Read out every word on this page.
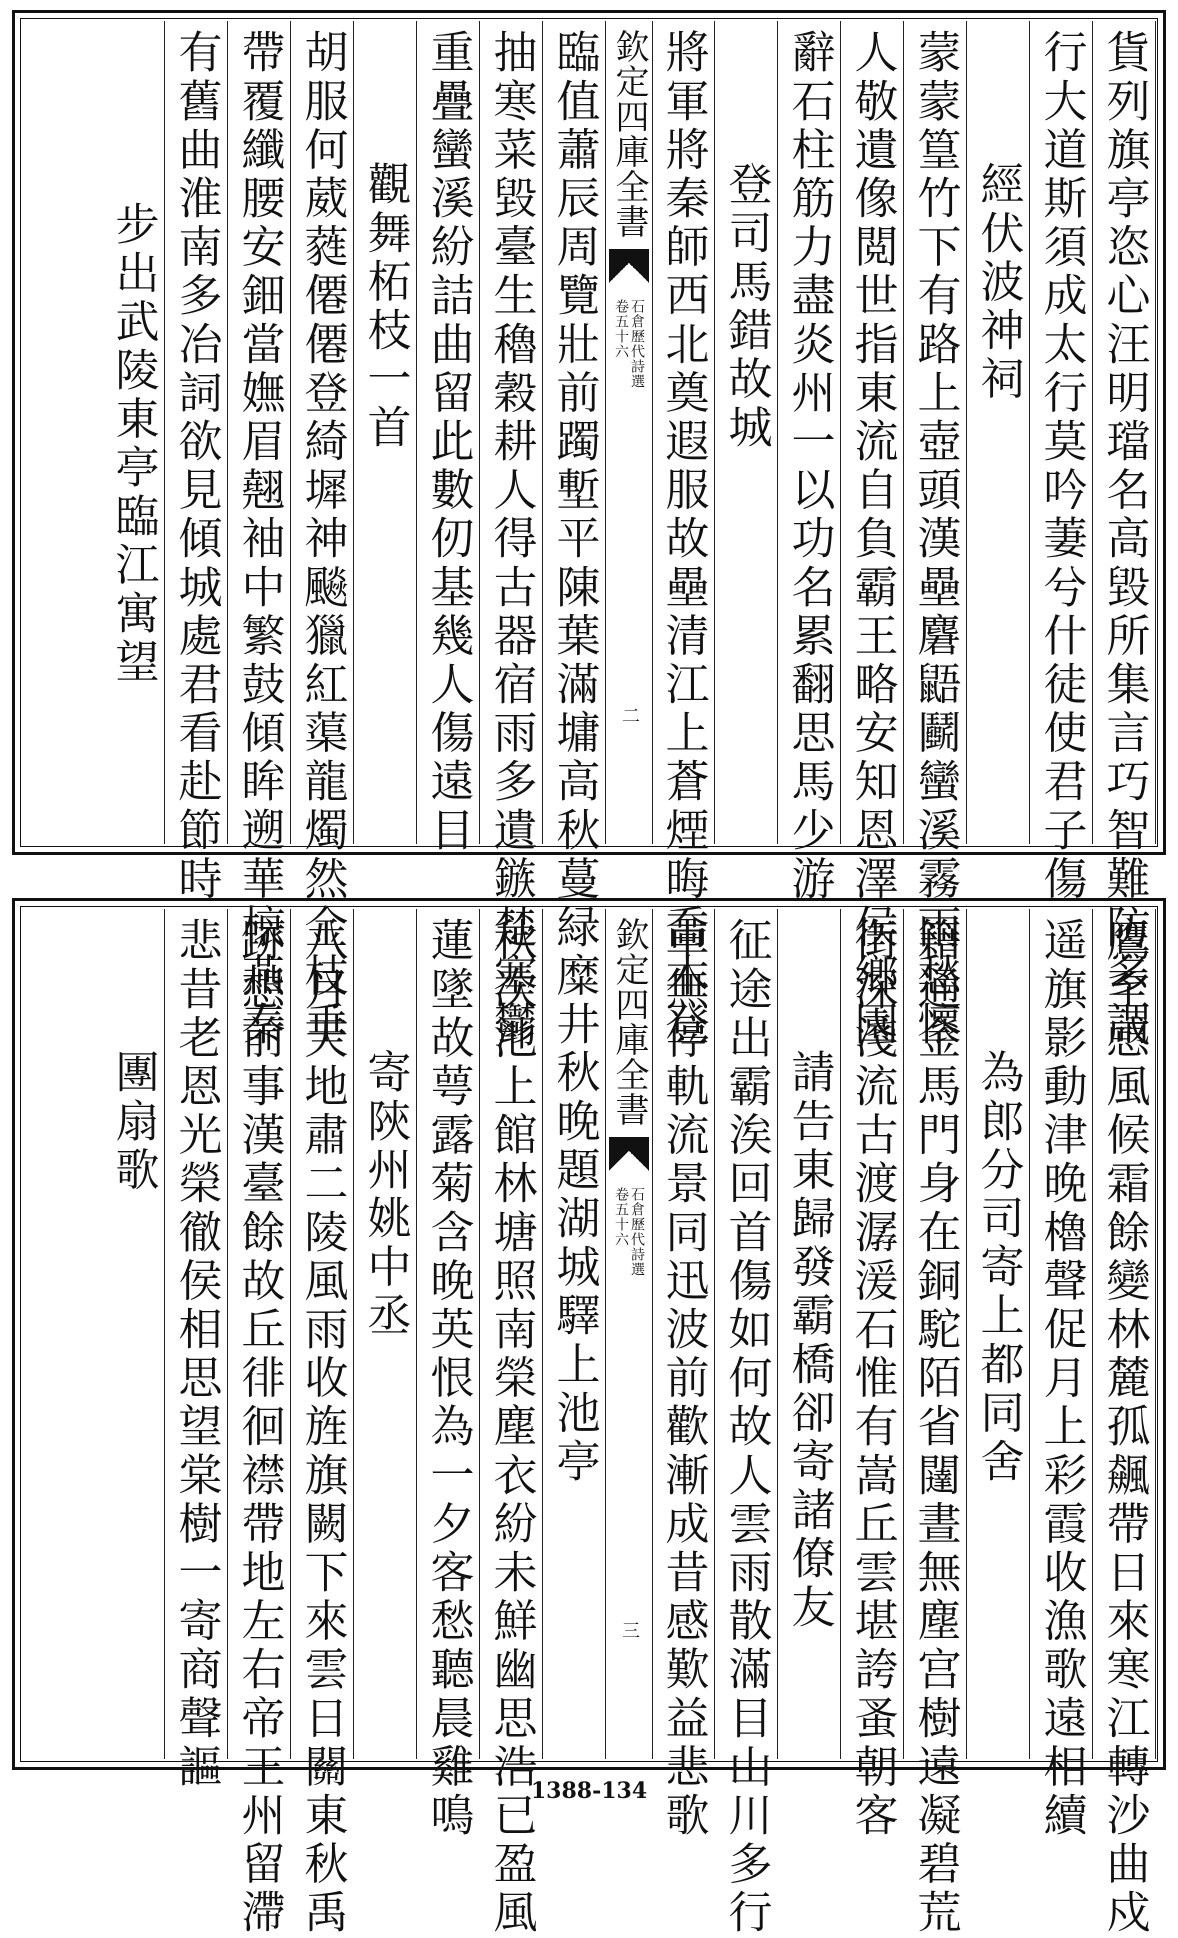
貨列旗亭恣心汪明璫名高毀所集言巧智難防多謂
行大道斯須成太行莫吟萋兮什徒使君子傷
經伏波神祠
蒙蒙篁竹下有路上壺頭漢壘麏鼯鬬蠻溪霧雨愁懷
人敬遺像閲世指東流自負霸王略安知恩澤侯鄉園
辭石柱筋力盡炎州一以功名累翻思馬少游
登司馬錯故城
將軍將秦師西北奠遐服故壘清江上蒼煙晦喬木登
欽定四庫全書
石倉歷代詩選
卷五十六
二
臨值蕭辰周覽壯前躅塹平陳葉滿墉高秋蔓緑糜井
抽寒菜毀臺生穭穀耕人得古器宿雨多遺鏃楚塞鬱
重疊蠻溪紛詰曲留此數仞基幾人傷遠目
觀舞柘枝一首
胡服何葳蕤僊僊登綺墀神飈獵紅蕖龍燭然金枝垂
帶覆纖腰安鈿當嫵眉翹袖中繁鼓傾眸遡華榱燕秦
有舊曲淮南多冶詞欲見傾城處君看赴節時
步出武陵東亭臨江寓望
鷹至感風候霜餘變林麓孤飆帶日來寒江轉沙曲戍
遥旗影動津晚櫓聲促月上彩霞收漁歌遠相續
為郎分司寄上都同舍
籍通金馬門身在銅駝陌省闥晝無塵宫樹遠凝碧荒
街深淺流古渡潺湲石惟有嵩丘雲堪誇蚤朝客
請告東歸發霸橋卻寄諸僚友
征途出霸涘回首傷如何故人雲雨散滿目山川多行
車無停軌流景同迅波前歡漸成昔感歎益悲歌
欽定四庫全書
石倉歷代詩選
卷五十六
三
秋晚題湖城驛上池亭
秋次池上館林塘照南榮塵衣紛未鮮幽思浩已盈風
蓮墜故萼露菊含晚英恨為一夕客愁聽晨雞鳴
寄陝州姚中丞
八月天地肅二陵風雨收旌旗闕下來雲日關東秋禹
跡想前事漢臺餘故丘徘徊襟帶地左右帝王州留滯
悲昔老恩光榮徹侯相思望棠樹一寄商聲謳
團扇歌
1388-134
